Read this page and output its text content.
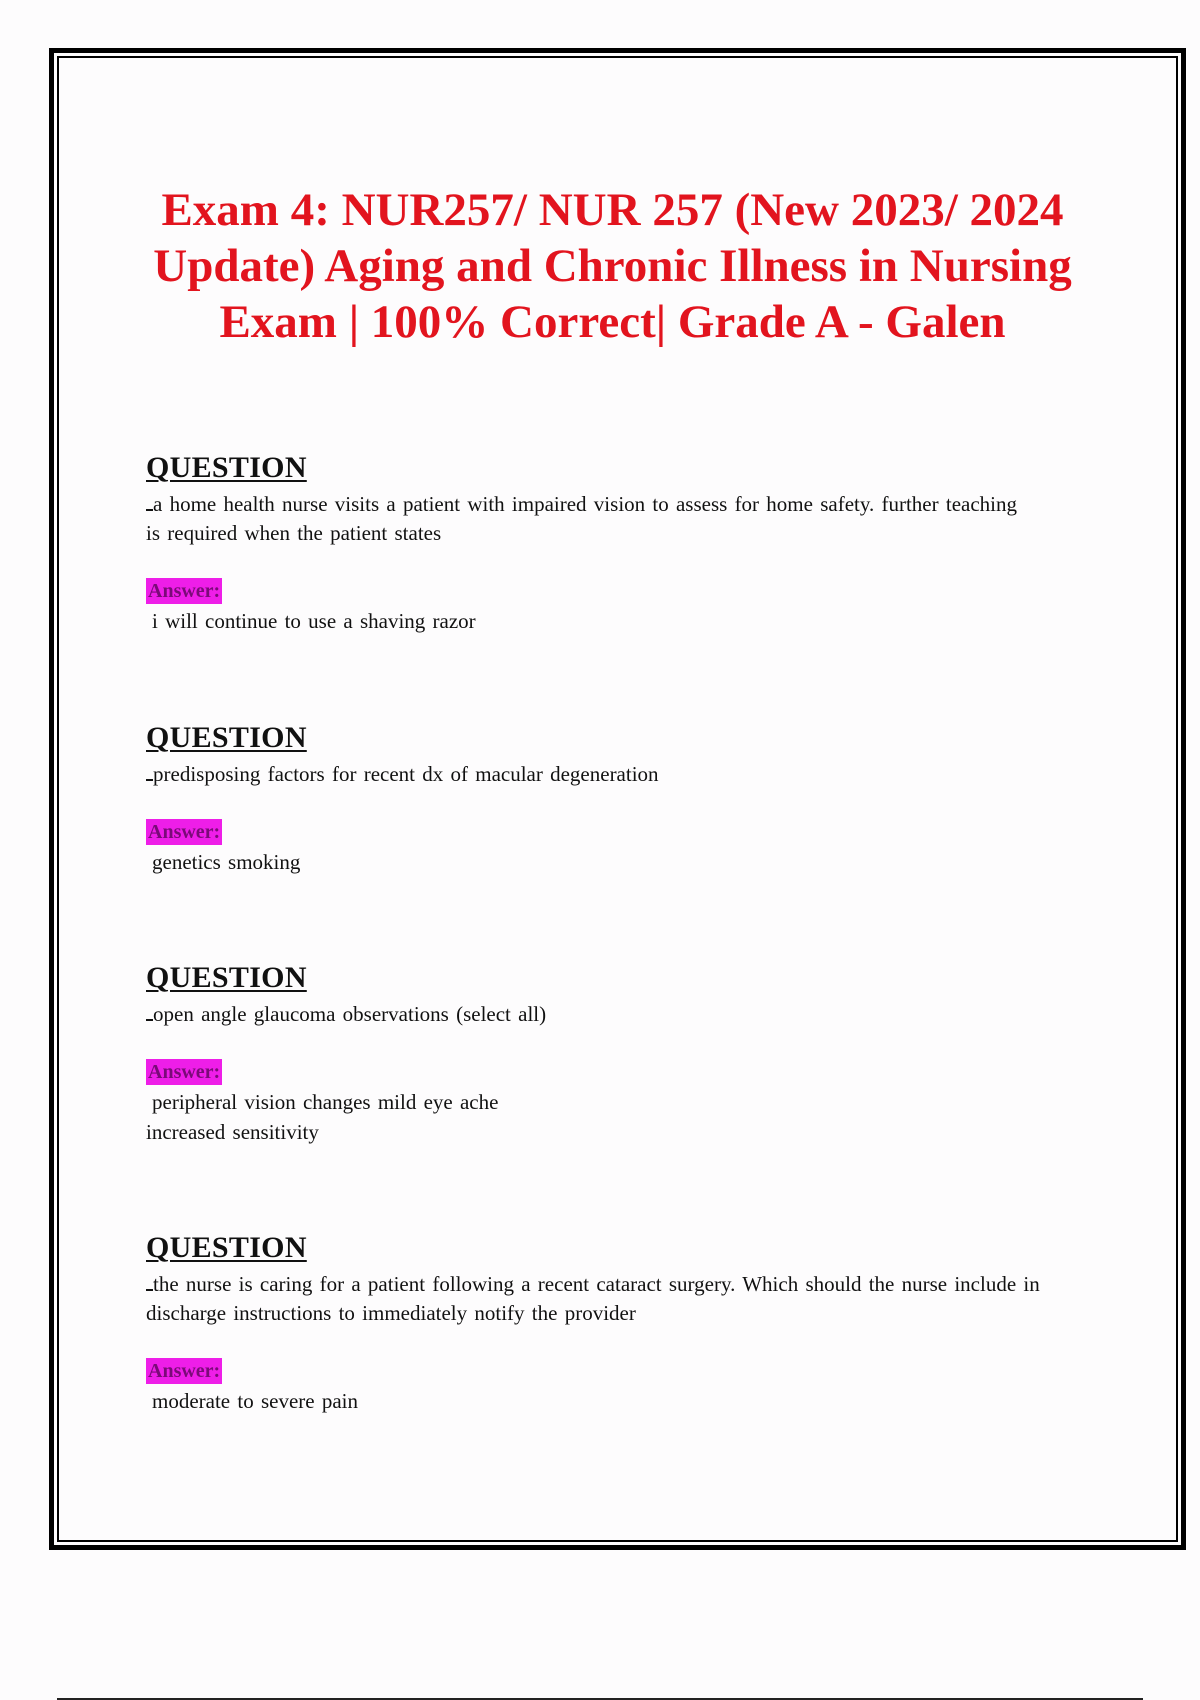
Exam 4: NUR257/ NUR 257 (New 2023/ 2024 Update) Aging and Chronic Illness in Nursing Exam | 100% Correct| Grade A - Galen
QUESTION
a home health nurse visits a patient with impaired vision to assess for home safety. further teaching is required when the patient states
Answer:
i will continue to use a shaving razor
QUESTION
predisposing factors for recent dx of macular degeneration
Answer:
genetics smoking
QUESTION
open angle glaucoma observations (select all)
Answer:
peripheral vision changes mild eye ache
increased sensitivity
QUESTION
the nurse is caring for a patient following a recent cataract surgery. Which should the nurse include in discharge instructions to immediately notify the provider
Answer:
moderate to severe pain
